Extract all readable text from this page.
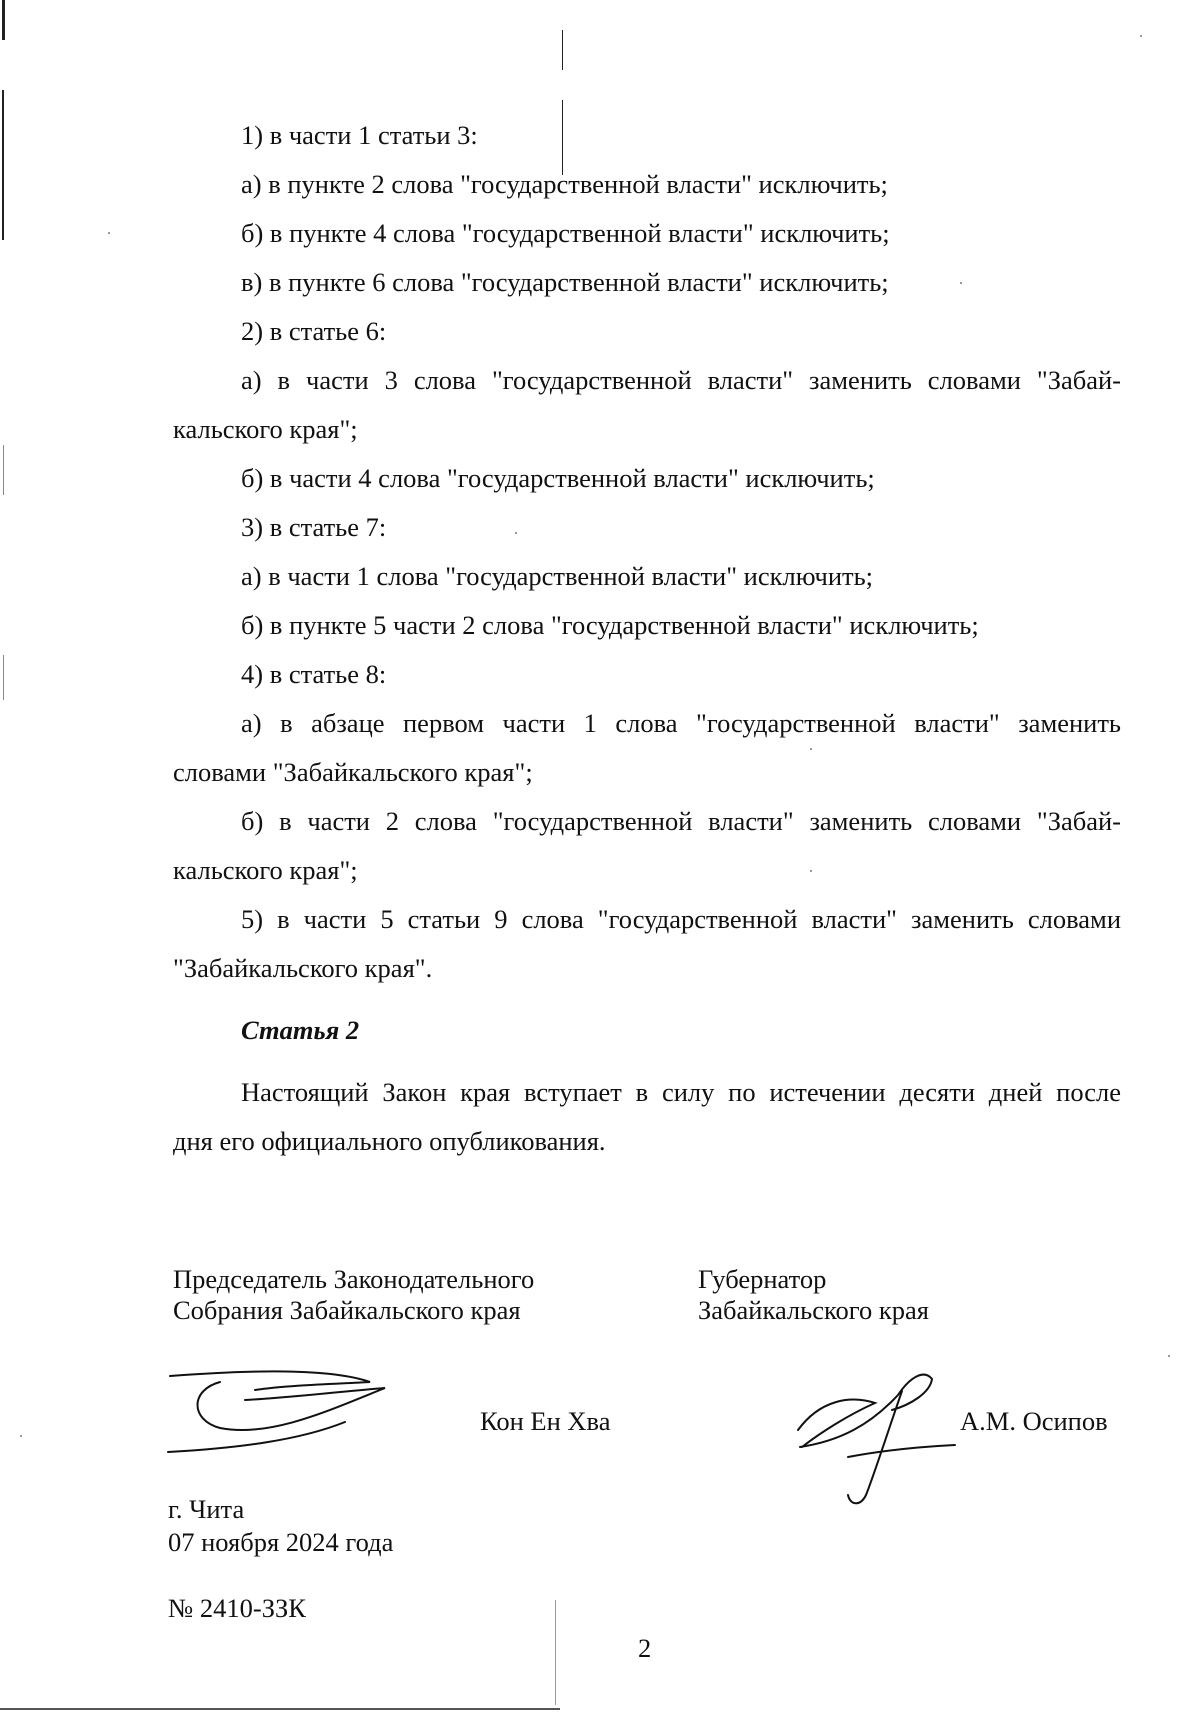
1) в части 1 статьи 3:
а) в пункте 2 слова "государственной власти" исключить;
б) в пункте 4 слова "государственной власти" исключить;
в) в пункте 6 слова "государственной власти" исключить;
2) в статье 6:
а) в части 3 слова "государственной власти" заменить словами "Забай-
кальского края";
б) в части 4 слова "государственной власти" исключить;
3) в статье 7:
а) в части 1 слова "государственной власти" исключить;
б) в пункте 5 части 2 слова "государственной власти" исключить;
4) в статье 8:
а) в абзаце первом части 1 слова "государственной власти" заменить
словами "Забайкальского края";
б) в части 2 слова "государственной власти" заменить словами "Забай-
кальского края";
5) в части 5 статьи 9 слова "государственной власти" заменить словами
"Забайкальского края".
Статья 2
Настоящий Закон края вступает в силу по истечении десяти дней после
дня его официального опубликования.
Председатель Законодательного
Собрания Забайкальского края
Губернатор
Забайкальского края
Кон Ен Хва	А.М. Осипов
г. Чита
07 ноября 2024 года
№ 2410-ЗЗК
2
